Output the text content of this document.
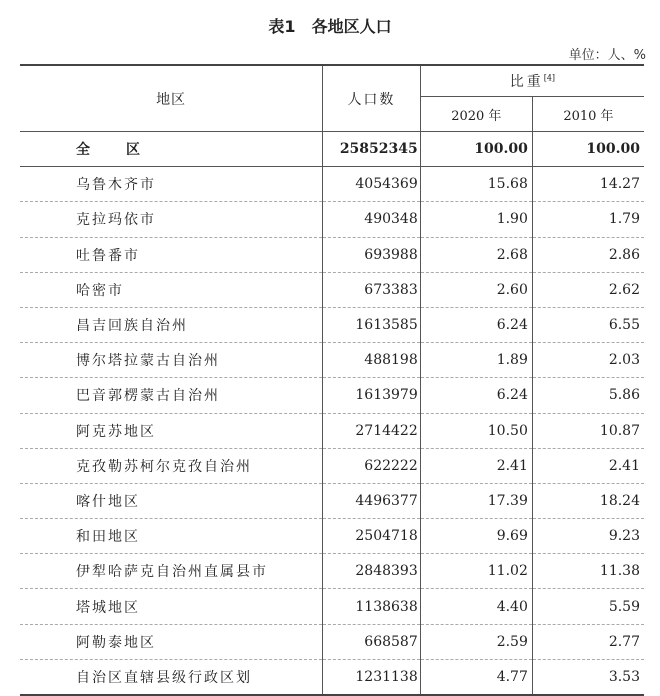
表1 各地区人口
单位：人、%
地区	人口数	比重[4]
		2020 年	2010 年
全 区	25852345	100.00	100.00
乌鲁木齐市	4054369	15.68	14.27
克拉玛依市	490348	1.90	1.79
吐鲁番市	693988	2.68	2.86
哈密市	673383	2.60	2.62
昌吉回族自治州	1613585	6.24	6.55
博尔塔拉蒙古自治州	488198	1.89	2.03
巴音郭楞蒙古自治州	1613979	6.24	5.86
阿克苏地区	2714422	10.50	10.87
克孜勒苏柯尔克孜自治州	622222	2.41	2.41
喀什地区	4496377	17.39	18.24
和田地区	2504718	9.69	9.23
伊犁哈萨克自治州直属县市	2848393	11.02	11.38
塔城地区	1138638	4.40	5.59
阿勒泰地区	668587	2.59	2.77
自治区直辖县级行政区划	1231138	4.77	3.53
